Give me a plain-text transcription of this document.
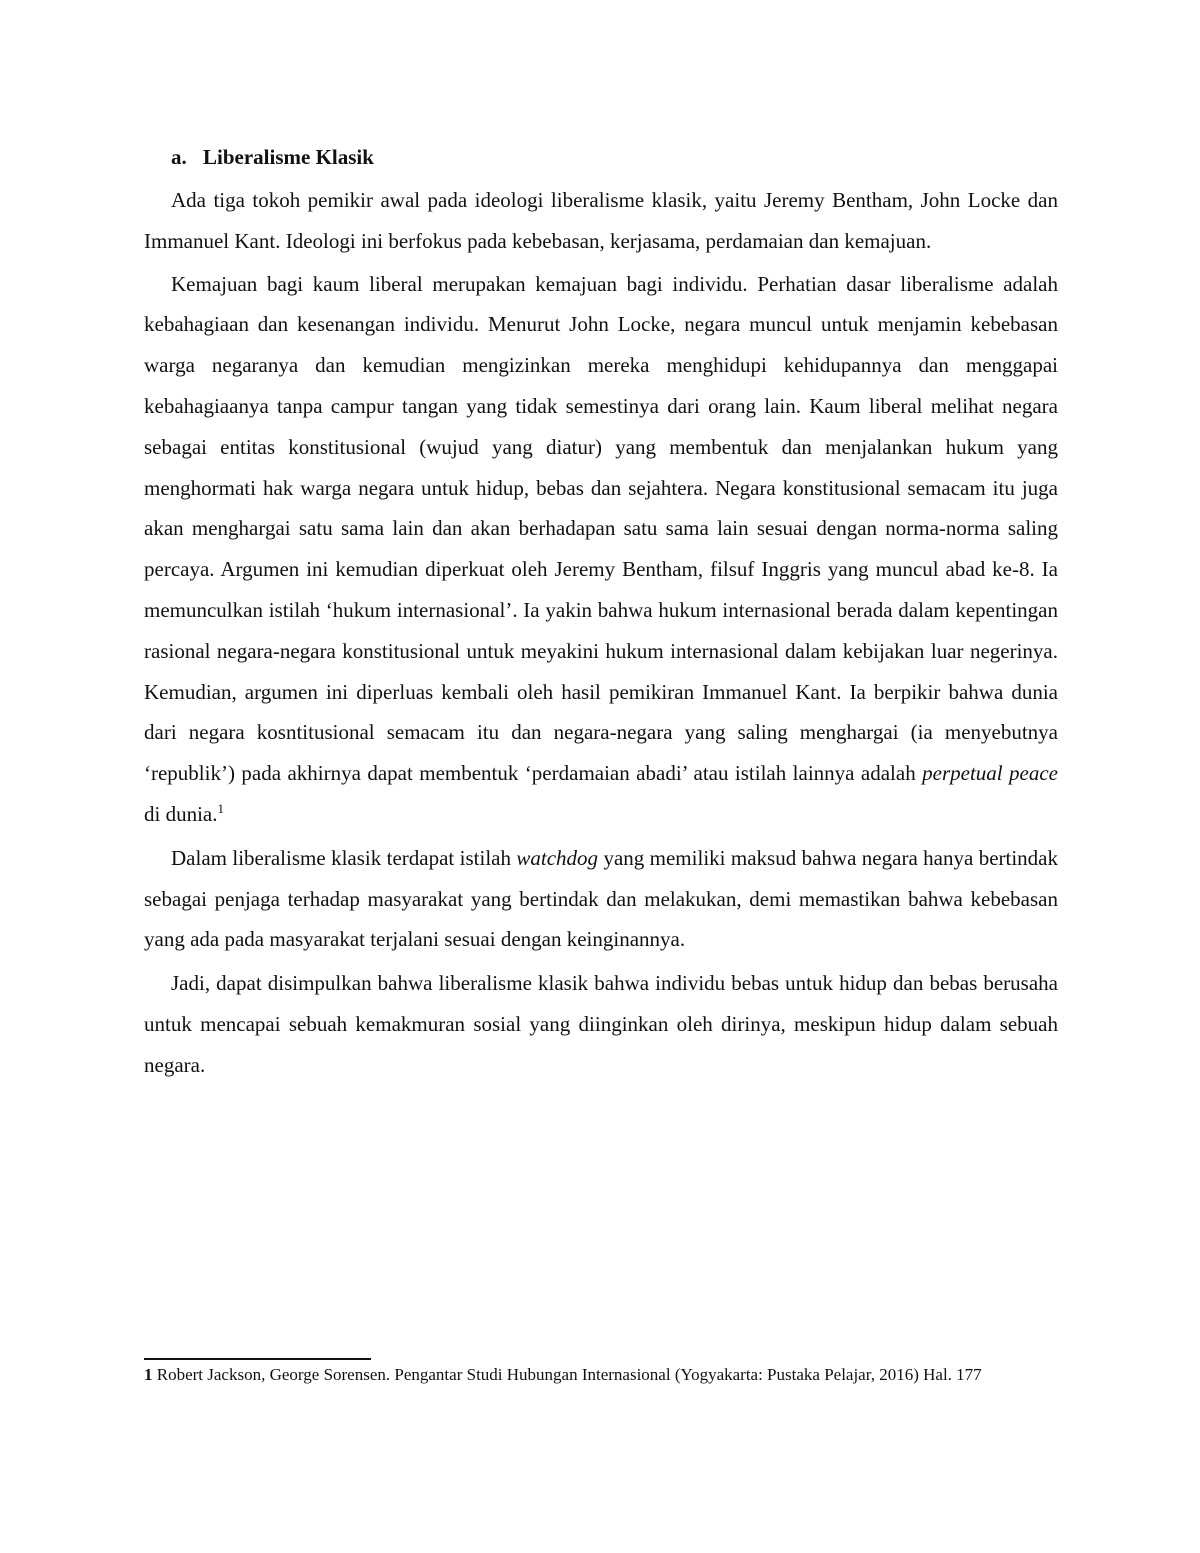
a. Liberalisme Klasik

Ada tiga tokoh pemikir awal pada ideologi liberalisme klasik, yaitu Jeremy Bentham, John Locke dan Immanuel Kant. Ideologi ini berfokus pada kebebasan, kerjasama, perdamaian dan kemajuan.

Kemajuan bagi kaum liberal merupakan kemajuan bagi individu. Perhatian dasar liberalisme adalah kebahagiaan dan kesenangan individu. Menurut John Locke, negara muncul untuk menjamin kebebasan warga negaranya dan kemudian mengizinkan mereka menghidupi kehidupannya dan menggapai kebahagiaanya tanpa campur tangan yang tidak semestinya dari orang lain. Kaum liberal melihat negara sebagai entitas konstitusional (wujud yang diatur) yang membentuk dan menjalankan hukum yang menghormati hak warga negara untuk hidup, bebas dan sejahtera. Negara konstitusional semacam itu juga akan menghargai satu sama lain dan akan berhadapan satu sama lain sesuai dengan norma-norma saling percaya. Argumen ini kemudian diperkuat oleh Jeremy Bentham, filsuf Inggris yang muncul abad ke-8. Ia memunculkan istilah ‘hukum internasional’. Ia yakin bahwa hukum internasional berada dalam kepentingan rasional negara-negara konstitusional untuk meyakini hukum internasional dalam kebijakan luar negerinya. Kemudian, argumen ini diperluas kembali oleh hasil pemikiran Immanuel Kant. Ia berpikir bahwa dunia dari negara kosntitusional semacam itu dan negara-negara yang saling menghargai (ia menyebutnya ‘republik’) pada akhirnya dapat membentuk ‘perdamaian abadi’ atau istilah lainnya adalah perpetual peace di dunia.$^1$

Dalam liberalisme klasik terdapat istilah watchdog yang memiliki maksud bahwa negara hanya bertindak sebagai penjaga terhadap masyarakat yang bertindak dan melakukan, demi memastikan bahwa kebebasan yang ada pada masyarakat terjalani sesuai dengan keinginannya.

Jadi, dapat disimpulkan bahwa liberalisme klasik bahwa individu bebas untuk hidup dan bebas berusaha untuk mencapai sebuah kemakmuran sosial yang diinginkan oleh dirinya, meskipun hidup dalam sebuah negara.

1 Robert Jackson, George Sorensen. Pengantar Studi Hubungan Internasional (Yogyakarta: Pustaka Pelajar, 2016) Hal. 177
